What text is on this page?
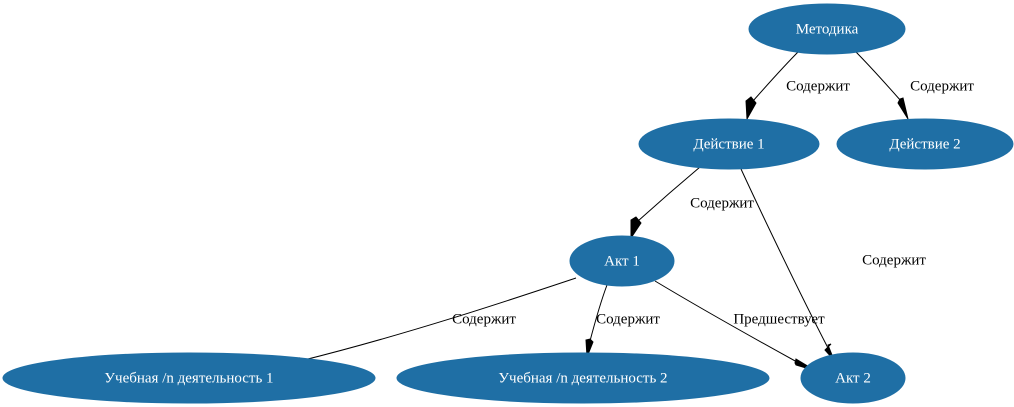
Содержит	Содержит
Содержит
Содержит
Содержит	Содержит	Предшествует
Методика
Действие 1	Действие 2
Акт 1
Акт 2
Учебная /n деятельность 1	Учебная /n деятельность 2
